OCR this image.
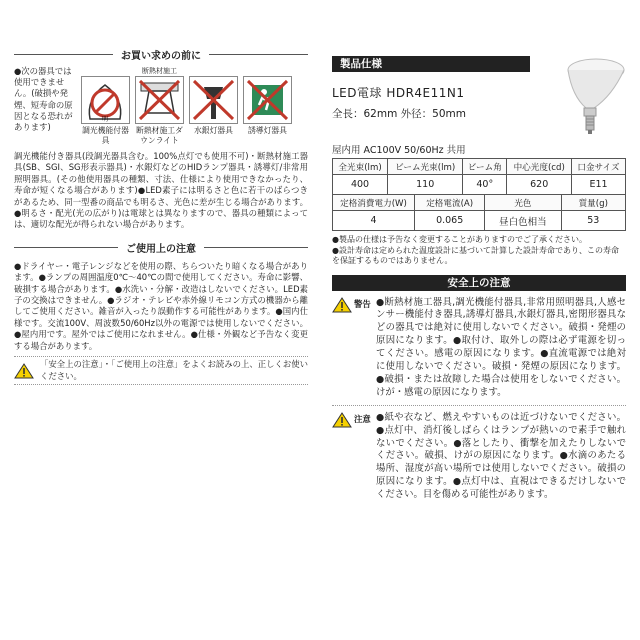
お買い求めの前に
●次の器具では使用できません。(破損や発煙、短寿命の原因となる恐れがあります)
明
調光機能付器具
断熱材施工
断熱材施工ダウンライト
水銀灯器具	誘導灯器具
調光機能付き器具(段調光器具含む。100%点灯でも使用不可)・断熱材施工器具(SB、SGI、SG形表示器具)・水銀灯などのHIDランプ器具・誘導灯/非常用照明器具。(その他使用器具の種類、寸法、仕様により使用できなかったり、寿命が短くなる場合があります)●LED素子には明るさと色に若干のばらつきがあるため、同一型番の商品でも明るさ、光色に差が生じる場合があります。●明るさ・配光(光の広がり)は電球とは異なりますので、器具の種類によっては、適切な配光が得られない場合があります。
ご使用上の注意
●ドライヤー・電子レンジなどを使用の際、ちらついたり暗くなる場合があります。●ランプの周囲温度0℃〜40℃の間で使用してください。寿命に影響、破損する場合があります。●水洗い・分解・改造はしないでください。LED素子の交換はできません。●ラジオ・テレビや赤外線リモコン方式の機器から離してご使用ください。雑音が入ったり誤動作する可能性があります。●国内仕様です。交流100V、周波数50/60Hz以外の電源では使用しないでください。●屋内用です。屋外ではご使用になれません。●仕様・外観など予告なく変更する場合があります。
「安全上の注意」・「ご使用上の注意」をよくお読みの上、正しくお使いください。
製品仕様
LED電球 HDR4E11N1
全長：62mm 外径：50mm
屋内用 AC100V 50/60Hz 共用
全光束(lm)	ビーム光束(lm)	ビーム角	中心光度(cd)	口金サイズ
400	110	40°	620	E11
定格消費電力(W)	定格電流(A)	光色	質量(g)
4	0.065	昼白色相当	53
●製品の仕様は予告なく変更することがありますのでご了承ください。
●設計寿命は定められた温度設計に基づいて計算した設計寿命であり、この寿命を保証するものではありません。
安全上の注意
警告 ●断熱材施工器具,調光機能付器具,非常用照明器具,人感センサー機能付き器具,誘導灯器具,水銀灯器具,密閉形器具などの器具では絶対に使用しないでください。破損・発煙の原因になります。●取付け、取外しの際は必ず電源を切ってください。感電の原因になります。●直流電源では絶対に使用しないでください。破損・発煙の原因になります。●破損・または故障した場合は使用をしないでください。けが・感電の原因になります。
注意 ●紙や衣など、燃えやすいものは近づけないでください。●点灯中、消灯後しばらくはランプが熱いので素手で触れないでください。●落としたり、衝撃を加えたりしないでください。破損、けがの原因になります。●水滴のあたる場所、湿度が高い場所では使用しないでください。破損の原因になります。●点灯中は、直視はできるだけしないでください。目を傷める可能性があります。
